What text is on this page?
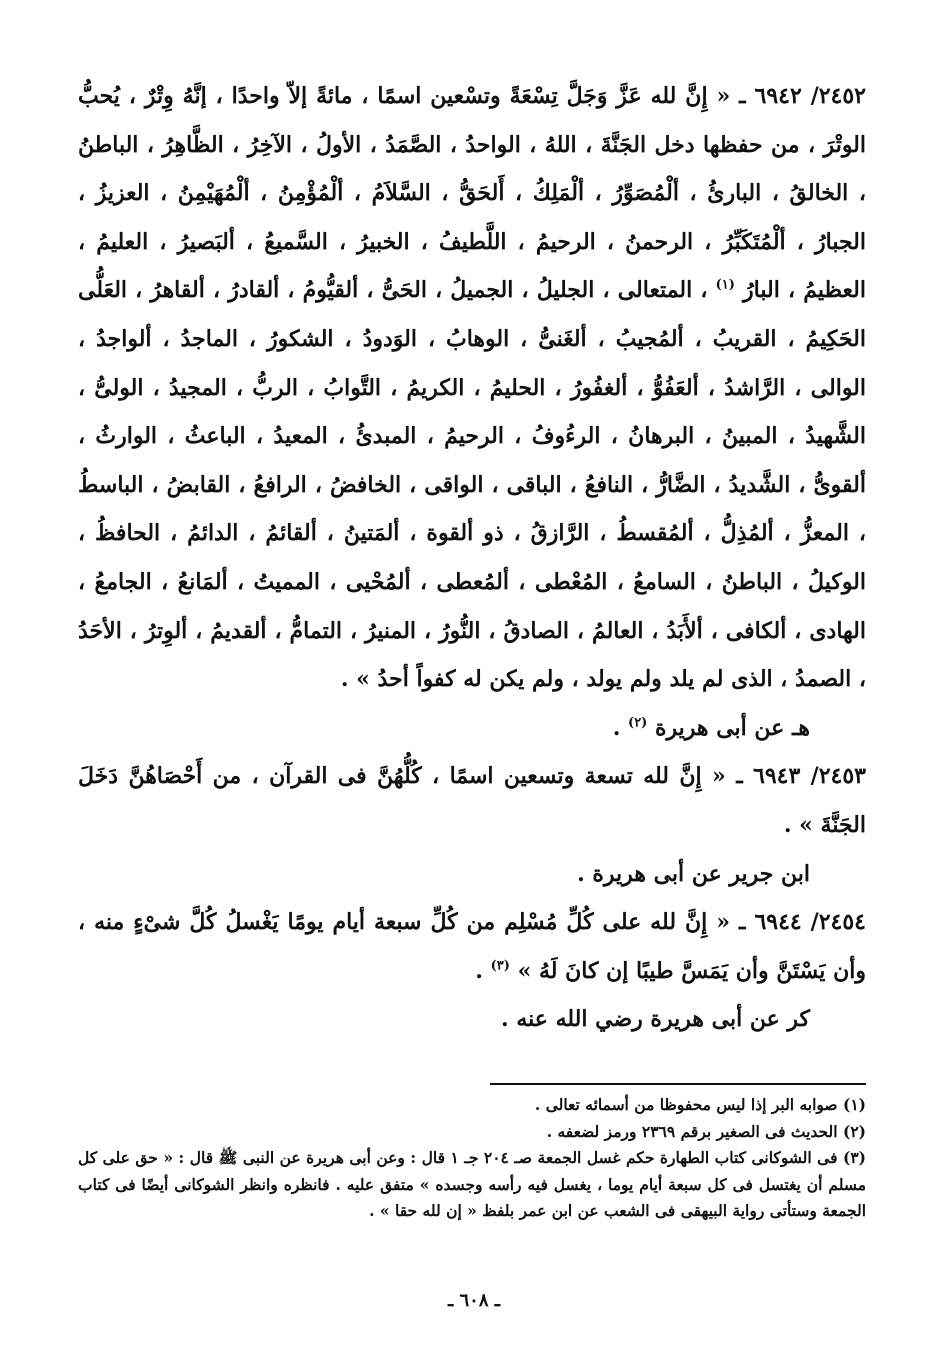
٢٤٥٢/ ٦٩٤٢ ـ « إِنَّ لله عَزَّ وَجَلَّ تِسْعَةً وتسْعين اسمًا ، مائةً إلاّ واحدًا ، إنَّهُ وِتْرٌ ، يُحبُّ الوتْرَ ، من حفظها دخل الجَنَّةَ ، اللهُ ، الواحدُ ، الصَّمَدُ ، الأولُ ، الآخِرُ ، الظَّاهِرُ ، الباطنُ ، الخالقُ ، البارئُ ، ألْمُصَوِّرُ ، ألْمَلِكُ ، أَلحَقُّ ، السَّلاَمُ ، ألْمُؤْمِنُ ، ألْمُهَيْمِنُ ، العزيزُ ، الجبارُ ، ألْمُتَكَبِّرُ ، الرحمنُ ، الرحيمُ ، اللَّطيفُ ، الخبيرُ ، السَّميعُ ، ألبَصيرُ ، العليمُ ، العظيمُ ، البارُ $^{(١)}$ ، المتعالى ، الجليلُ ، الجميلُ ، الحَىُّ ، ألقيُّومُ ، ألقادرُ ، ألقاهرُ ، العَلُّى الحَكِيمُ ، القريبُ ، ألمُجيبُ ، ألغَنىُّ ، الوهابُ ، الوَدودُ ، الشكورُ ، الماجدُ ، ألواجدُ ، الوالى ، الرَّاشدُ ، ألعَفُوُّ ، ألغفُورُ ، الحليمُ ، الكريمُ ، التَّوابُ ، الربُّ ، المجيدُ ، الولىُّ ، الشَّهيدُ ، المبينُ ، البرهانُ ، الرءُوفُ ، الرحيمُ ، المبدئُ ، المعيدُ ، الباعثُ ، الوارثُ ، ألقوىُّ ، الشَّديدُ ، الضَّارُّ ، النافعُ ، الباقى ، الواقى ، الخافضُ ، الرافعُ ، القابضُ ، الباسطُ ، المعزُّ ، ألمُذِلُّ ، ألمُقسطُ ، الرَّازقُ ، ذو ألقوة ، ألمَتينُ ، ألقائمُ ، الدائمُ ، الحافظُ ، الوكيلُ ، الباطنُ ، السامعُ ، المُعْطى ، ألمُعطى ، ألمُحْيى ، المميتُ ، ألمَانعُ ، الجامعُ ، الهادى ، ألكافى ، ألأَبَدُ ، العالمُ ، الصادقُ ، النُّورُ ، المنيرُ ، التمامُّ ، ألقديمُ ، ألوِترُ ، الأحَدُ ، الصمدُ ، الذى لم يلد ولم يولد ، ولم يكن له كفواً أحدُ » .

هـ عن أبى هريرة $^{(٢)}$ .

٢٤٥٣/ ٦٩٤٣ ـ « إِنَّ لله تسعة وتسعين اسمًا ، كُلُّهُنَّ فى القرآن ، من أَحْصَاهُنَّ دَخَلَ الجَنَّةَ » .

ابن جرير عن أبى هريرة .

٢٤٥٤/ ٦٩٤٤ ـ « إِنَّ لله على كُلِّ مُسْلِم من كُلِّ سبعة أيام يومًا يَغْسلُ كُلَّ شىْءٍ منه ، وأن يَسْتَنَّ وأن يَمَسَّ طيبًا إن كانَ لَهُ » $^{(٣)}$ .

كر عن أبى هريرة رضي الله عنه .

(١) صوابه البر إذا ليس محفوظا من أسمائه تعالى .

(٢) الحديث فى الصغير برقم ٢٣٦٩ ورمز لضعفه .

(٣) فى الشوكانى كتاب الطهارة حكم غسل الجمعة صـ ٢٠٤ جـ ١ قال : وعن أبى هريرة عن النبى ﷺ قال : « حق على كل مسلم أن يغتسل فى كل سبعة أيام يوما ، يغسل فيه رأسه وجسده » متفق عليه . فانظره وانظر الشوكانى أيضًا فى كتاب الجمعة وستأتى رواية البيهقى فى الشعب عن ابن عمر بلفظ « إن لله حقا » .

ـ ٦٠٨ ـ
